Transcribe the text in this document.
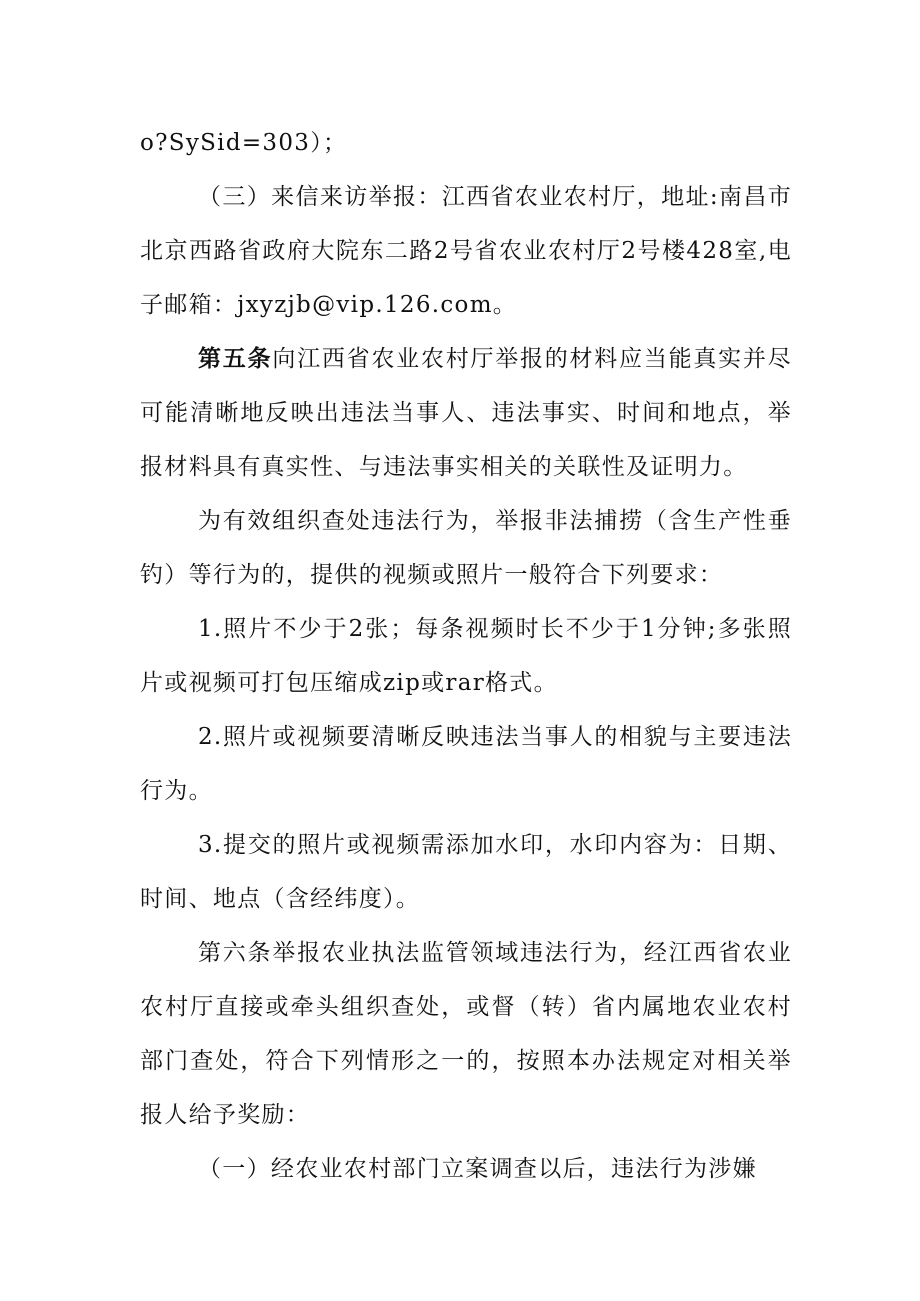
o?SySid=303）；

（三）来信来访举报：江西省农业农村厅，地址:南昌市北京西路省政府大院东二路2号省农业农村厅2号楼428室,电子邮箱：jxyzjb@vip.126.com。

第五条向江西省农业农村厅举报的材料应当能真实并尽可能清晰地反映出违法当事人、违法事实、时间和地点，举报材料具有真实性、与违法事实相关的关联性及证明力。

为有效组织查处违法行为，举报非法捕捞（含生产性垂钓）等行为的，提供的视频或照片一般符合下列要求：

1.照片不少于2张；每条视频时长不少于1分钟;多张照片或视频可打包压缩成zip或rar格式。

2.照片或视频要清晰反映违法当事人的相貌与主要违法行为。

3.提交的照片或视频需添加水印，水印内容为：日期、时间、地点（含经纬度）。

第六条举报农业执法监管领域违法行为，经江西省农业农村厅直接或牵头组织查处，或督（转）省内属地农业农村部门查处，符合下列情形之一的，按照本办法规定对相关举报人给予奖励：

（一）经农业农村部门立案调查以后，违法行为涉嫌
